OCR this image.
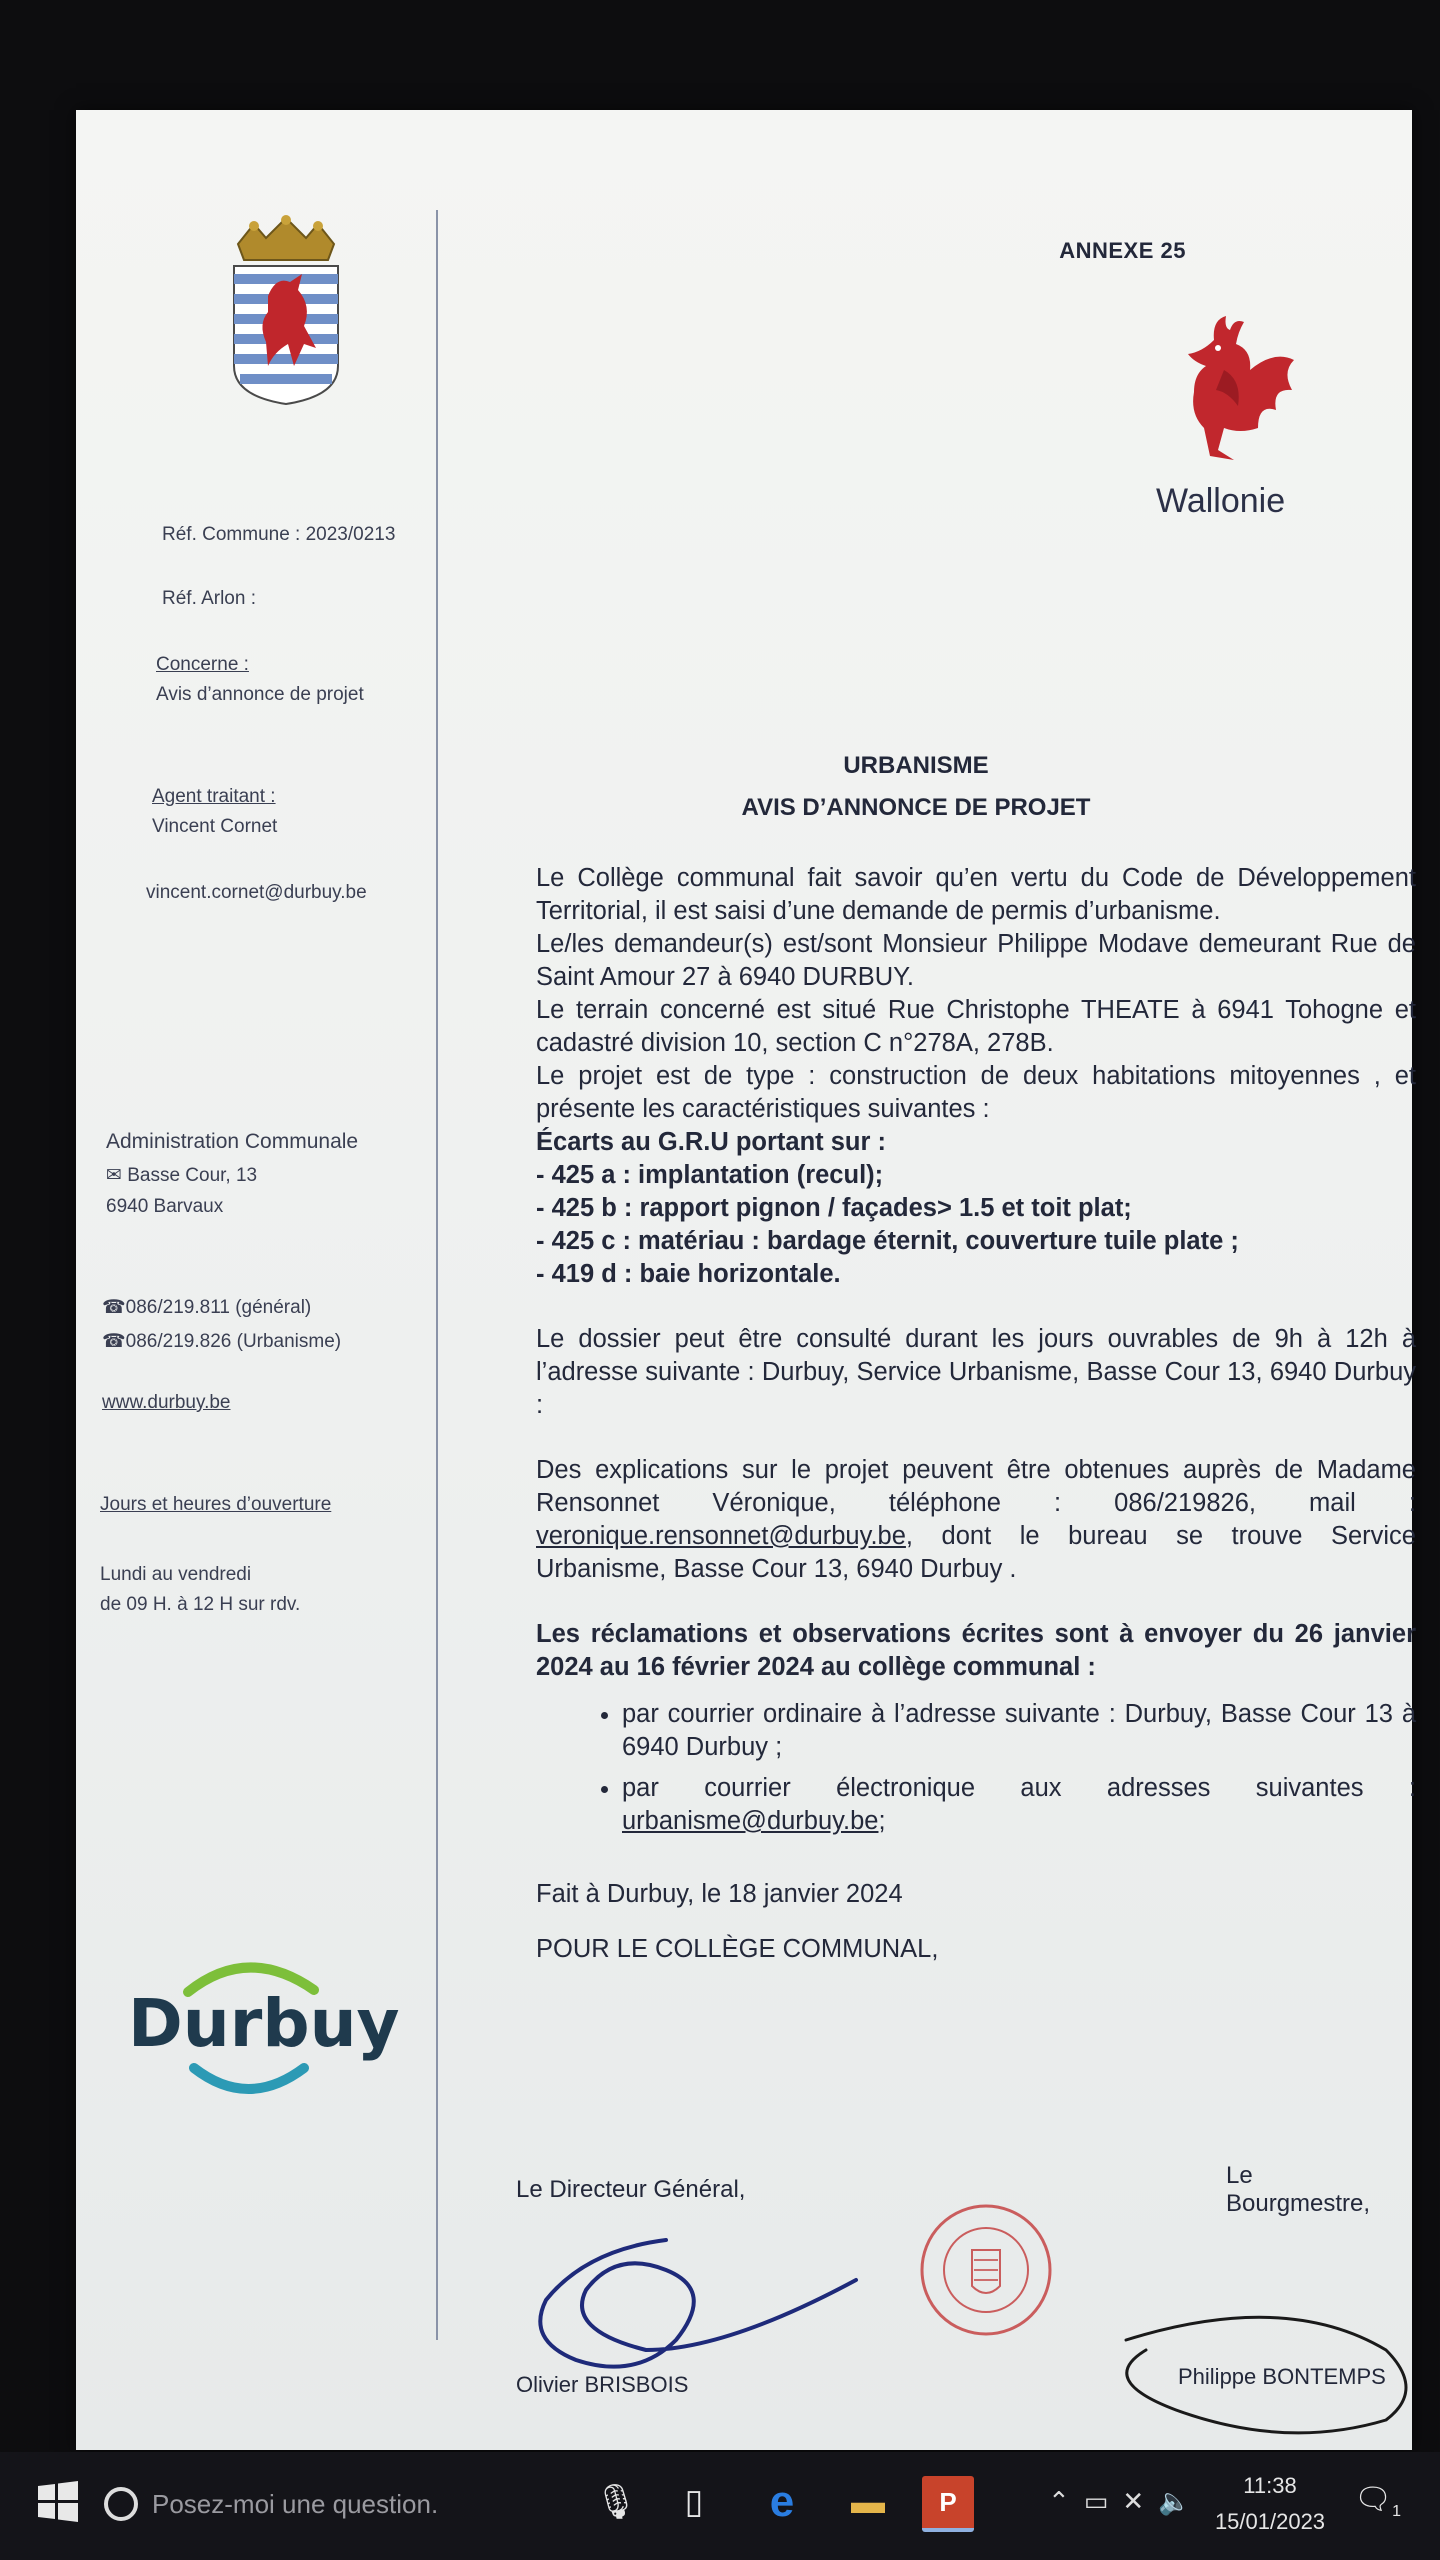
Réf. Commune : 2023/0213
Réf. Arlon :
Concerne :
Avis d’annonce de projet
Agent traitant :
Vincent Cornet
vincent.cornet@durbuy.be
Administration Communale
✉ Basse Cour, 13
6940 Barvaux
☎086/219.811 (général)
☎086/219.826 (Urbanisme)
www.durbuy.be
Jours et heures d’ouverture
Lundi au vendredi
de 09 H. à 12 H sur rdv.
Durbuy
ANNEXE 25
Wallonie
URBANISME
AVIS D’ANNONCE DE PROJET

Le Collège communal fait savoir qu’en vertu du Code de Développement Territorial, il est saisi d’une demande de permis d’urbanisme.

Le/les demandeur(s) est/sont Monsieur Philippe Modave demeurant Rue de Saint Amour 27 à 6940 DURBUY.

Le terrain concerné est situé Rue Christophe THEATE à 6941 Tohogne et cadastré division 10, section C n°278A, 278B.

Le projet est de type : construction de deux habitations mitoyennes , et présente les caractéristiques suivantes :

Écarts au G.R.U portant sur :

- 425 a : implantation (recul);

- 425 b : rapport pignon / façades> 1.5 et toit plat;

- 425 c : matériau : bardage éternit, couverture tuile plate ;

- 419 d : baie horizontale.

Le dossier peut être consulté durant les jours ouvrables de 9h à 12h à l’adresse suivante : Durbuy, Service Urbanisme, Basse Cour 13, 6940 Durbuy :

Des explications sur le projet peuvent être obtenues auprès de Madame Rensonnet Véronique, téléphone : 086/219826, mail : veronique.rensonnet@durbuy.be, dont le bureau se trouve Service Urbanisme, Basse Cour 13, 6940 Durbuy .

Les réclamations et observations écrites sont à envoyer du 26 janvier 2024 au 16 février 2024 au collège communal :

• par courrier ordinaire à l’adresse suivante : Durbuy, Basse Cour 13 à 6940 Durbuy ;
• par courrier électronique aux adresses suivantes : urbanisme@durbuy.be;

Fait à Durbuy, le 18 janvier 2024

POUR LE COLLÈGE COMMUNAL,

Le Directeur Général,
Le Bourgmestre,
Olivier BRISBOIS	Philippe BONTEMPS
Posez-moi une question.	🎙	▯	e	▬	P	⌃ ▭ ✕ 🔈
11:38
15/01/2023
$🗨_1$
